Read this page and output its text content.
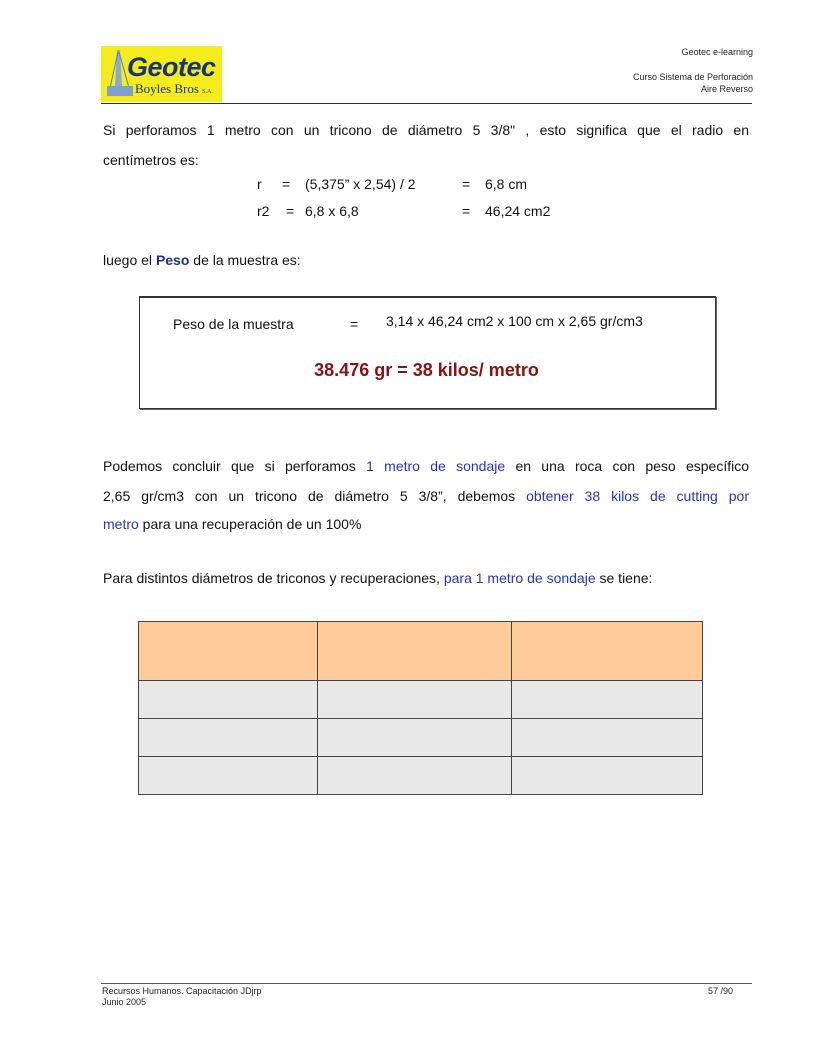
Geotec
Boyles Bros S.A.
Geotec e-learning
Curso Sistema de Perforación
Aire Reverso
Si perforamos 1 metro con un tricono de diámetro 5 3/8" , esto significa que el radio en
centímetros es:
r = (5,375” x 2,54) / 2	= 6,8 cm
r2 = 6,8 x 6,8	= 46,24 cm2
luego el Peso de la muestra es:
Peso de la muestra	= 3,14 x 46,24 cm2 x 100 cm x 2,65 gr/cm3
38.476 gr = 38 kilos/ metro
Podemos concluir que si perforamos 1 metro de sondaje en una roca con peso específico
2,65 gr/cm3 con un tricono de diámetro 5 3/8”, debemos obtener 38 kilos de cutting por
metro para una recuperación de un 100%
Para distintos diámetros de triconos y recuperaciones, para 1 metro de sondaje se tiene:

Recursos Humanos. Capacitación JDjrp
Junio 2005
57 /90
